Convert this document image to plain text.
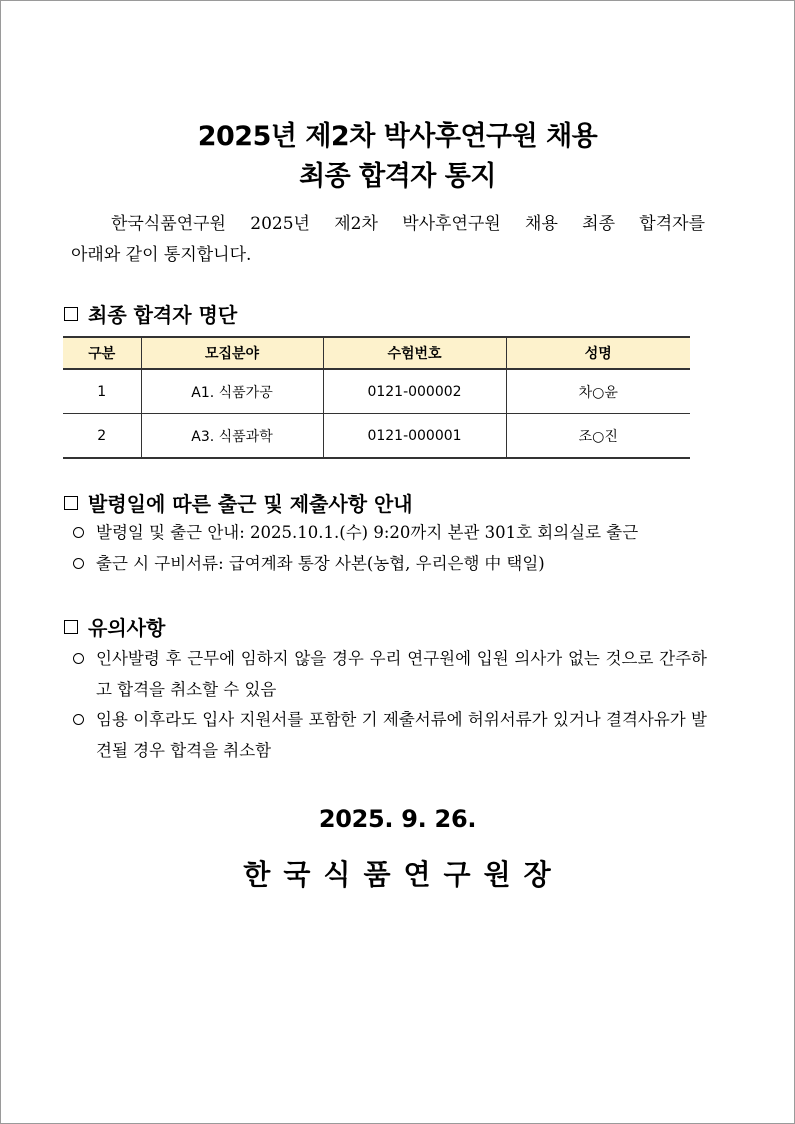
2025년 제2차 박사후연구원 채용
최종 합격자 통지

한국식품연구원 2025년 제2차 박사후연구원 채용 최종 합격자를

아래와 같이 통지합니다.

최종 합격자 명단
구분	모집분야	수험번호	성명
1	A1. 식품가공	0121-000002	차○윤
2	A3. 식품과학	0121-000001	조○진
발령일에 따른 출근 및 제출사항 안내
발령일 및 출근 안내: 2025.10.1.(수) 9:20까지 본관 301호 회의실로 출근
출근 시 구비서류: 급여계좌 통장 사본(농협, 우리은행 中 택일)
유의사항
인사발령 후 근무에 임하지 않을 경우 우리 연구원에 입원 의사가 없는 것으로 간주하고 합격을 취소할 수 있음
임용 이후라도 입사 지원서를 포함한 기 제출서류에 허위서류가 있거나 결격사유가 발견될 경우 합격을 취소함
2025. 9. 26.
한국식품연구원장
